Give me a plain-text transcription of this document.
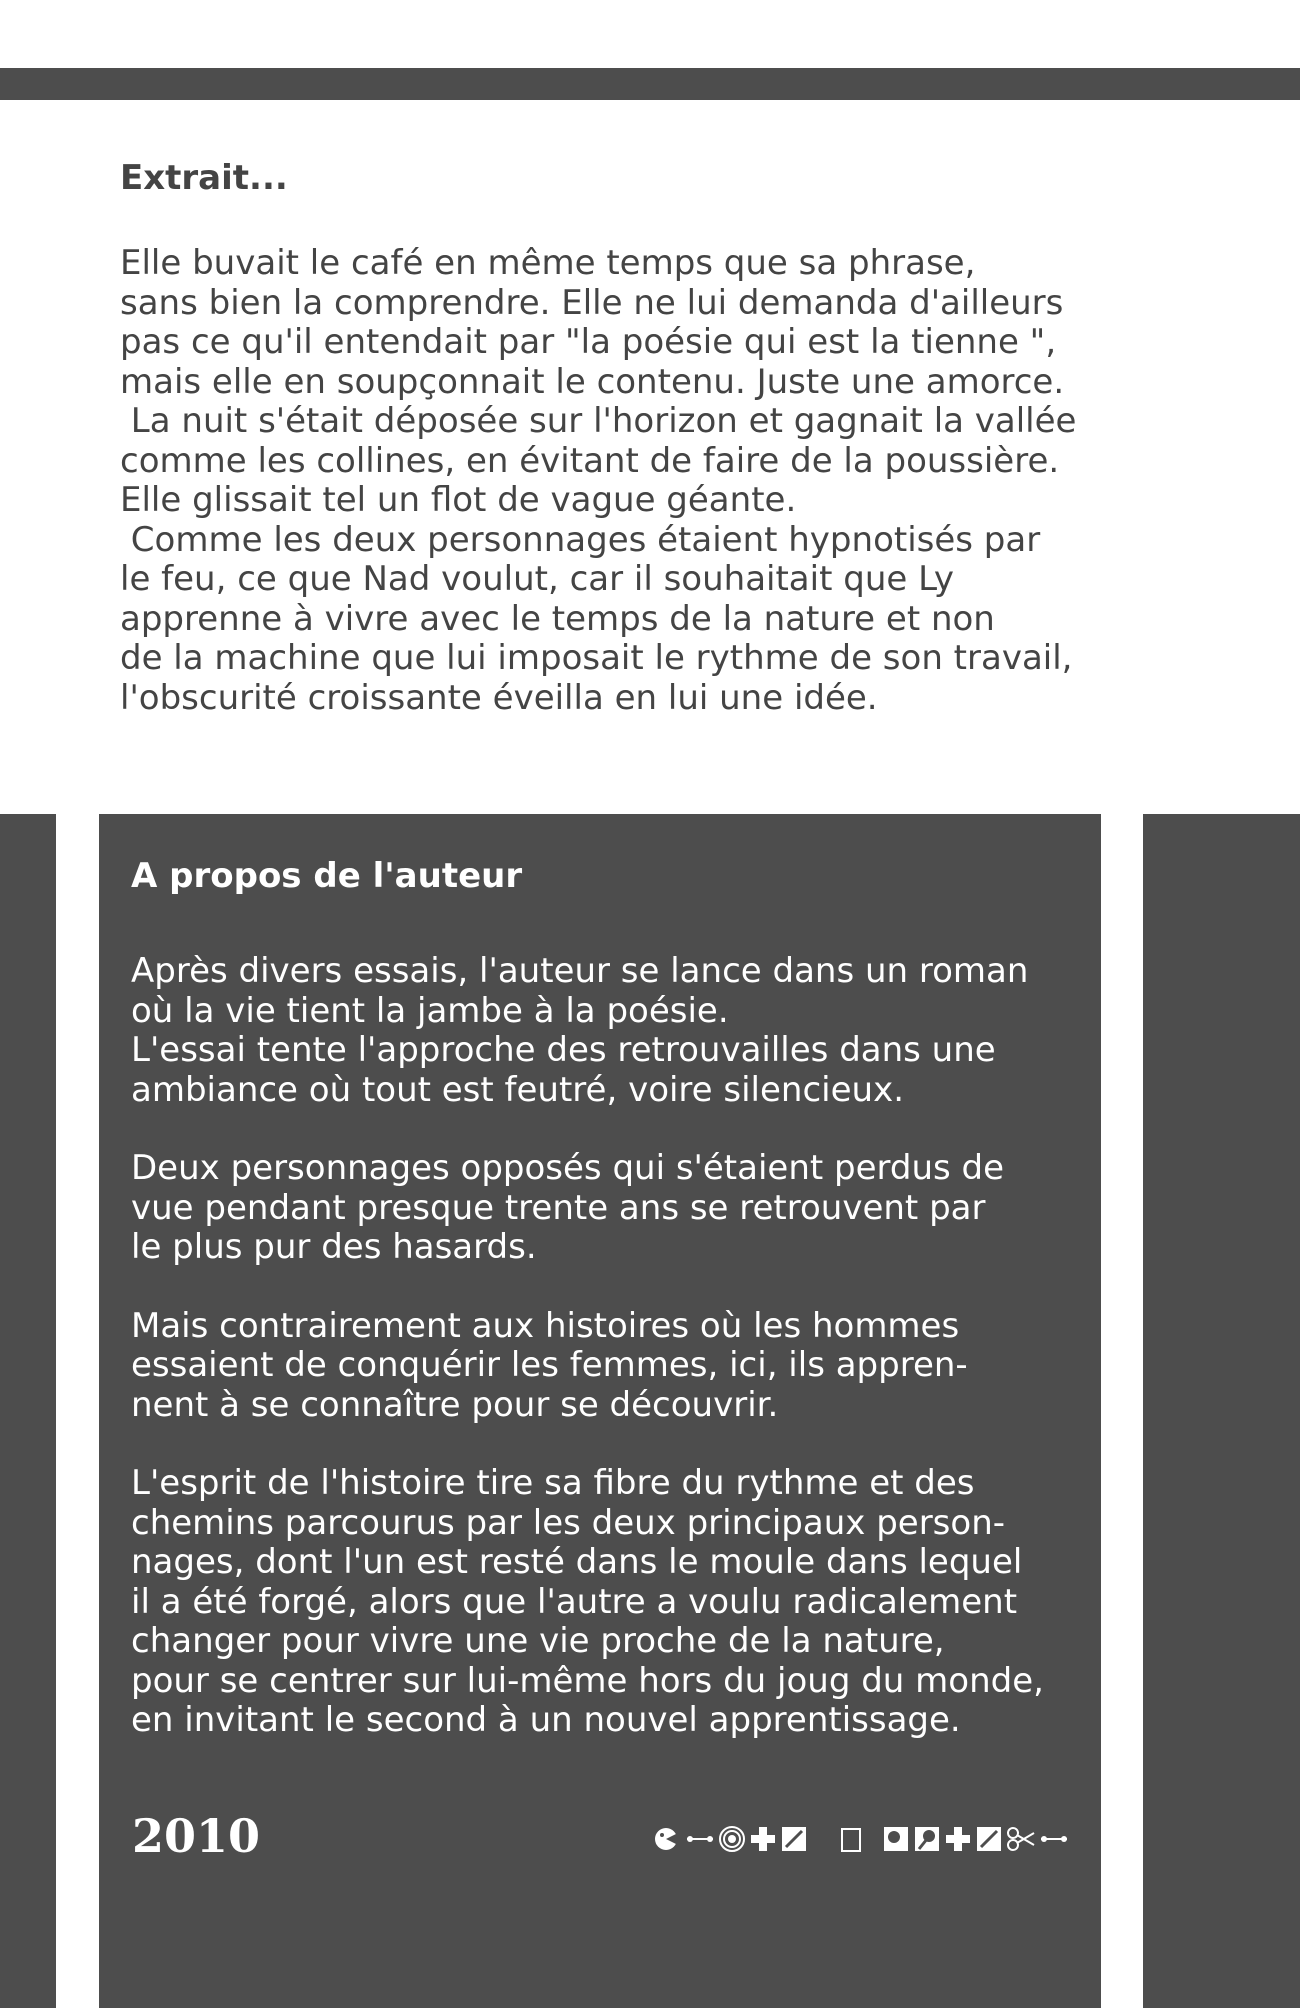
Extrait...
Elle buvait le café en même temps que sa phrase,
sans bien la comprendre. Elle ne lui demanda d'ailleurs
pas ce qu'il entendait par "la poésie qui est la tienne ",
mais elle en soupçonnait le contenu. Juste une amorce.
La nuit s'était déposée sur l'horizon et gagnait la vallée
comme les collines, en évitant de faire de la poussière.
Elle glissait tel un flot de vague géante.
Comme les deux personnages étaient hypnotisés par
le feu, ce que Nad voulut, car il souhaitait que Ly
apprenne à vivre avec le temps de la nature et non
de la machine que lui imposait le rythme de son travail,
l'obscurité croissante éveilla en lui une idée.
A propos de l'auteur

Après divers essais, l'auteur se lance dans un roman
où la vie tient la jambe à la poésie.
L'essai tente l'approche des retrouvailles dans une
ambiance où tout est feutré, voire silencieux.

Deux personnages opposés qui s'étaient perdus de
vue pendant presque trente ans se retrouvent par
le plus pur des hasards.

Mais contrairement aux histoires où les hommes
essaient de conquérir les femmes, ici, ils appren-
nent à se connaître pour se découvrir.

L'esprit de l'histoire tire sa fibre du rythme et des
chemins parcourus par les deux principaux person-
nages, dont l'un est resté dans le moule dans lequel
il a été forgé, alors que l'autre a voulu radicalement
changer pour vivre une vie proche de la nature,
pour se centrer sur lui-même hors du joug du monde,
en invitant le second à un nouvel apprentissage.

2010
